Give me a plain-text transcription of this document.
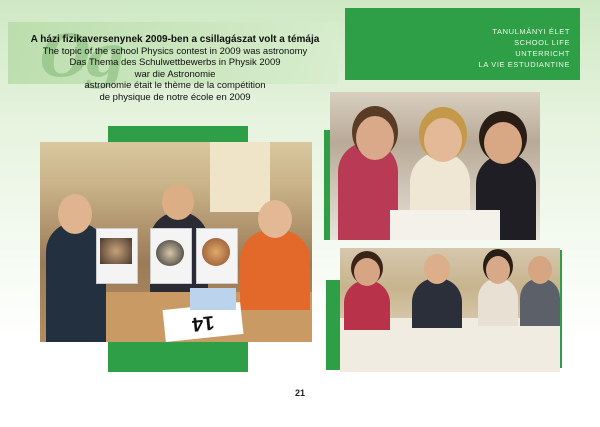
Og	TANULMÁNYI ÉLET
SCHOOL LIFE
UNTERRICHT
LA VIE ESTUDIANTINE
A házi fizikaversenynek 2009-ben a csillagászat volt a témája
The topic of the school Physics contest in 2009 was astronomy
Das Thema des Schulwettbewerbs in Physik 2009
war die Astronomie
astronomie était le thème de la compétition
de physique de notre école en 2009
14
21
